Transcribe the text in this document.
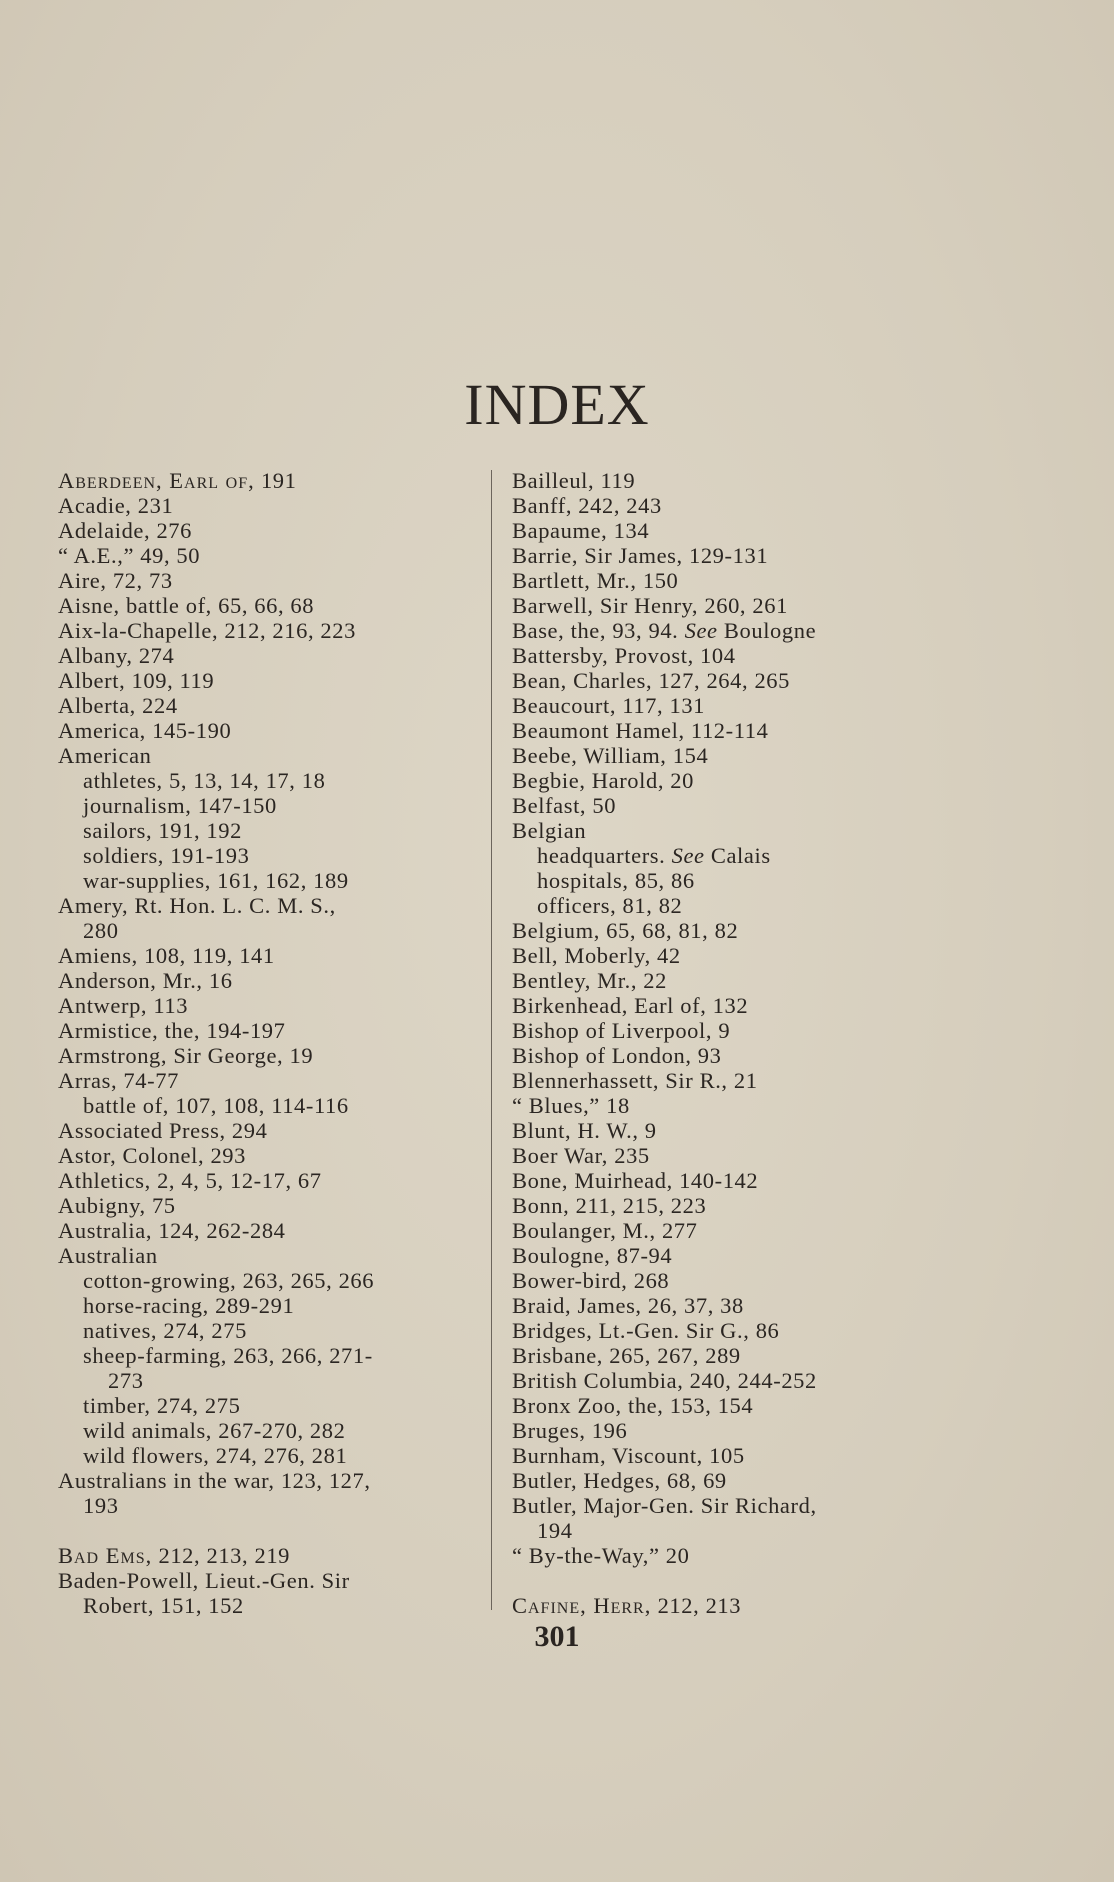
INDEX
Aberdeen, Earl of, 191
Acadie, 231
Adelaide, 276
“ A.E.,” 49, 50
Aire, 72, 73
Aisne, battle of, 65, 66, 68
Aix-la-Chapelle, 212, 216, 223
Albany, 274
Albert, 109, 119
Alberta, 224
America, 145-190
American
athletes, 5, 13, 14, 17, 18
journalism, 147-150
sailors, 191, 192
soldiers, 191-193
war-supplies, 161, 162, 189
Amery, Rt. Hon. L. C. M. S.,
280
Amiens, 108, 119, 141
Anderson, Mr., 16
Antwerp, 113
Armistice, the, 194-197
Armstrong, Sir George, 19
Arras, 74-77
battle of, 107, 108, 114-116
Associated Press, 294
Astor, Colonel, 293
Athletics, 2, 4, 5, 12-17, 67
Aubigny, 75
Australia, 124, 262-284
Australian
cotton-growing, 263, 265, 266
horse-racing, 289-291
natives, 274, 275
sheep-farming, 263, 266, 271-
273
timber, 274, 275
wild animals, 267-270, 282
wild flowers, 274, 276, 281
Australians in the war, 123, 127,
193
Bad Ems, 212, 213, 219
Baden-Powell, Lieut.-Gen. Sir
Robert, 151, 152
Bailleul, 119
Banff, 242, 243
Bapaume, 134
Barrie, Sir James, 129-131
Bartlett, Mr., 150
Barwell, Sir Henry, 260, 261
Base, the, 93, 94. See Boulogne
Battersby, Provost, 104
Bean, Charles, 127, 264, 265
Beaucourt, 117, 131
Beaumont Hamel, 112-114
Beebe, William, 154
Begbie, Harold, 20
Belfast, 50
Belgian
headquarters. See Calais
hospitals, 85, 86
officers, 81, 82
Belgium, 65, 68, 81, 82
Bell, Moberly, 42
Bentley, Mr., 22
Birkenhead, Earl of, 132
Bishop of Liverpool, 9
Bishop of London, 93
Blennerhassett, Sir R., 21
“ Blues,” 18
Blunt, H. W., 9
Boer War, 235
Bone, Muirhead, 140-142
Bonn, 211, 215, 223
Boulanger, M., 277
Boulogne, 87-94
Bower-bird, 268
Braid, James, 26, 37, 38
Bridges, Lt.-Gen. Sir G., 86
Brisbane, 265, 267, 289
British Columbia, 240, 244-252
Bronx Zoo, the, 153, 154
Bruges, 196
Burnham, Viscount, 105
Butler, Hedges, 68, 69
Butler, Major-Gen. Sir Richard,
194
“ By-the-Way,” 20
Cafine, Herr, 212, 213
301
